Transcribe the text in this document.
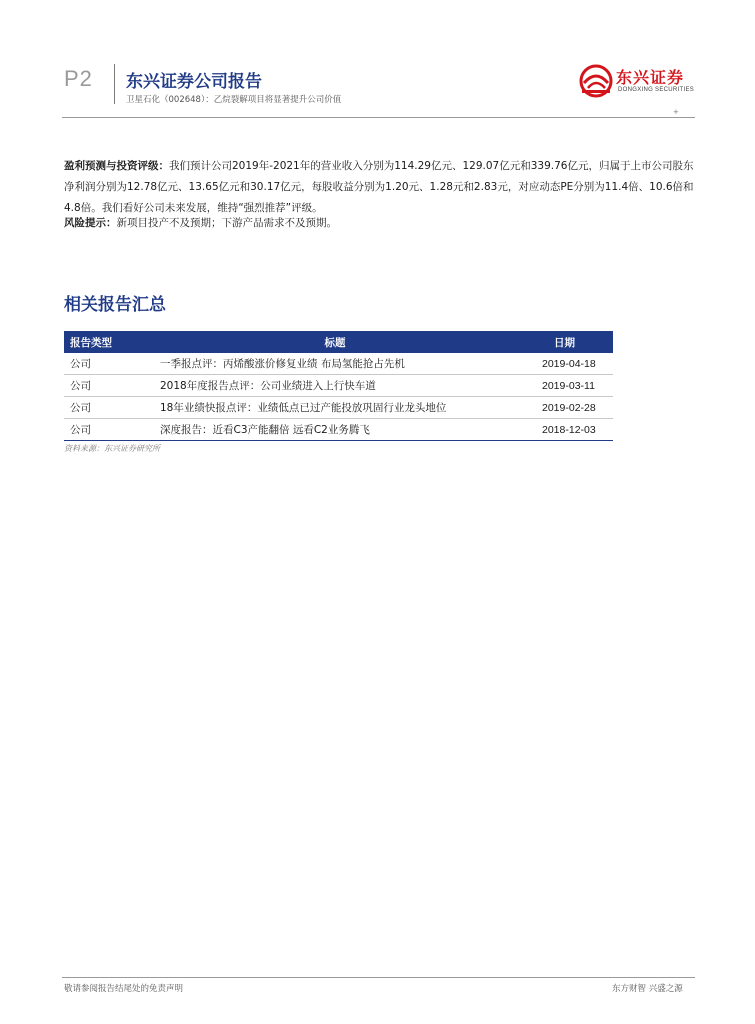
P2 东兴证券公司报告
卫星石化（002648）：乙烷裂解项目将显著提升公司价值
东兴证券
DONGXING SECURITIES
+

盈利预测与投资评级：我们预计公司2019年-2021年的营业收入分别为114.29亿元、129.07亿元和339.76亿元，归属于上市公司股东净利润分别为12.78亿元、13.65亿元和30.17亿元，每股收益分别为1.20元、1.28元和2.83元，对应动态PE分别为11.4倍、10.6倍和4.8倍。我们看好公司未来发展，维持“强烈推荐”评级。

风险提示：新项目投产不及预期；下游产品需求不及预期。

相关报告汇总
报告类型	标题	日期
公司	一季报点评：丙烯酸涨价修复业绩 布局氢能抢占先机	2019-04-18
公司	2018年度报告点评：公司业绩进入上行快车道	2019-03-11
公司	18年业绩快报点评：业绩低点已过产能投放巩固行业龙头地位	2019-02-28
公司	深度报告：近看C3产能翻倍 远看C2业务腾飞	2018-12-03
资料来源：东兴证券研究所
敬请参阅报告结尾处的免责声明	东方财智 兴盛之源
